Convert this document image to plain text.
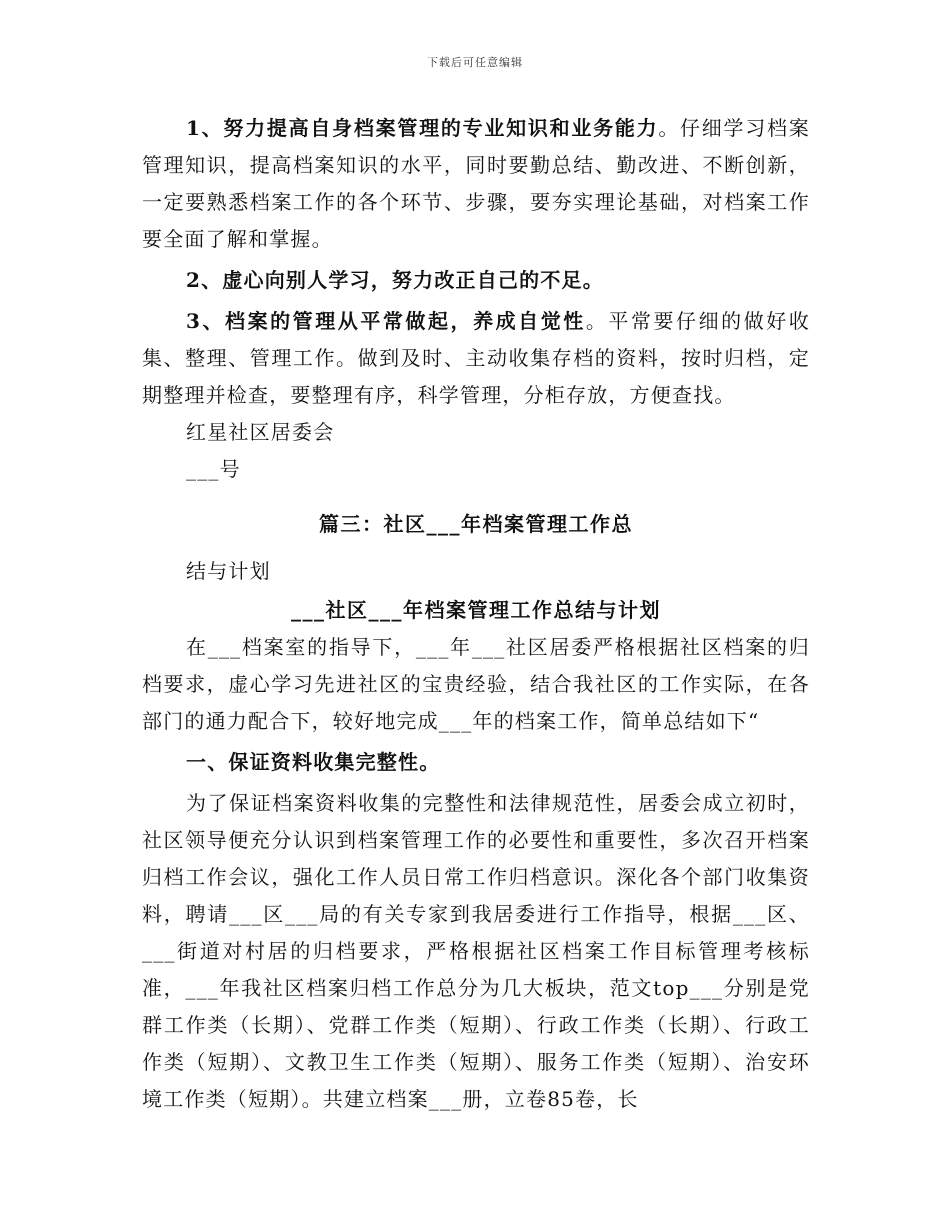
下载后可任意编辑

1、努力提高自身档案管理的专业知识和业务能力。仔细学习档案管理知识，提高档案知识的水平，同时要勤总结、勤改进、不断创新，一定要熟悉档案工作的各个环节、步骤，要夯实理论基础，对档案工作要全面了解和掌握。

2、虚心向别人学习，努力改正自己的不足。

3、档案的管理从平常做起，养成自觉性。平常要仔细的做好收集、整理、管理工作。做到及时、主动收集存档的资料，按时归档，定期整理并检查，要整理有序，科学管理，分柜存放，方便查找。

红星社区居委会

___号

篇三：社区___年档案管理工作总

结与计划

___社区___年档案管理工作总结与计划

在___档案室的指导下，___年___社区居委严格根据社区档案的归档要求，虚心学习先进社区的宝贵经验，结合我社区的工作实际，在各部门的通力配合下，较好地完成___年的档案工作，简单总结如下“

一、保证资料收集完整性。

为了保证档案资料收集的完整性和法律规范性，居委会成立初时，社区领导便充分认识到档案管理工作的必要性和重要性，多次召开档案归档工作会议，强化工作人员日常工作归档意识。深化各个部门收集资料，聘请___区___局的有关专家到我居委进行工作指导，根据___区、___街道对村居的归档要求，严格根据社区档案工作目标管理考核标准，___年我社区档案归档工作总分为几大板块，范文top___分别是党群工作类（长期）、党群工作类（短期）、行政工作类（长期）、行政工作类（短期）、文教卫生工作类（短期）、服务工作类（短期）、治安环境工作类（短期）。共建立档案___册，立卷85卷，长
